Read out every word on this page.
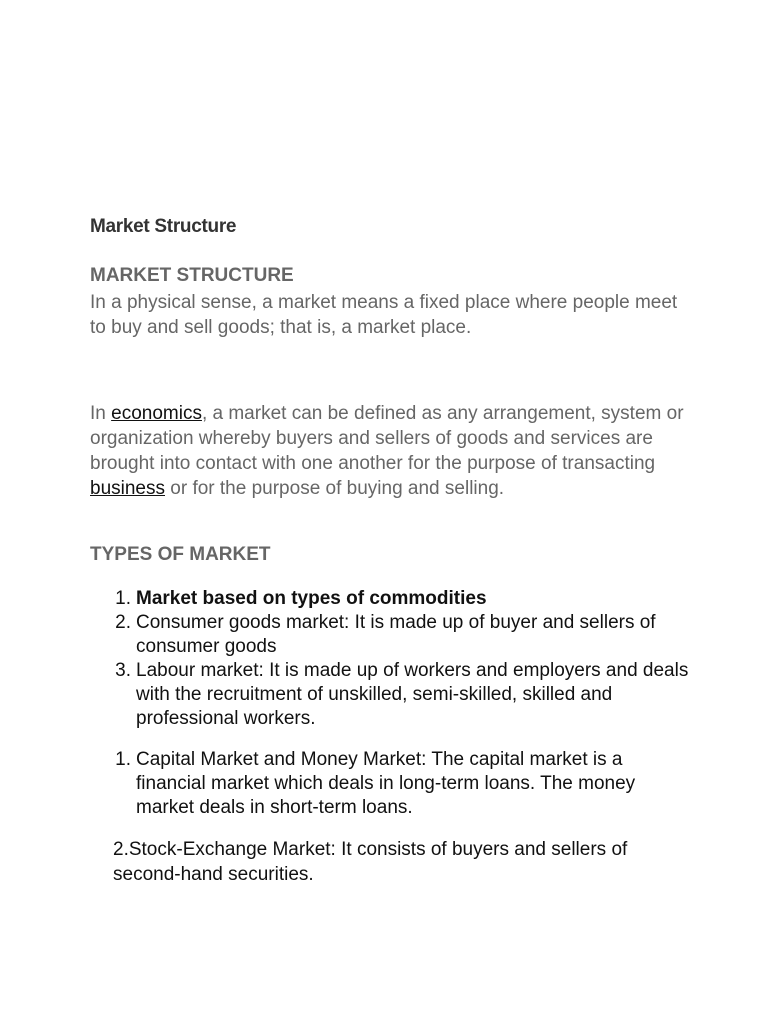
Market Structure
MARKET STRUCTURE
In a physical sense, a market means a fixed place where people meet to buy and sell goods; that is, a market place.
In economics, a market can be defined as any arrangement, system or organization whereby buyers and sellers of goods and services are brought into contact with one another for the purpose of transacting business or for the purpose of buying and selling.
TYPES OF MARKET
1. Market based on types of commodities
2. Consumer goods market: It is made up of buyer and sellers of consumer goods
3. Labour market: It is made up of workers and employers and deals with the recruitment of unskilled, semi-skilled, skilled and professional workers.
1. Capital Market and Money Market: The capital market is a financial market which deals in long-term loans. The money market deals in short-term loans.
2.Stock-Exchange Market: It consists of buyers and sellers of second-hand securities.
